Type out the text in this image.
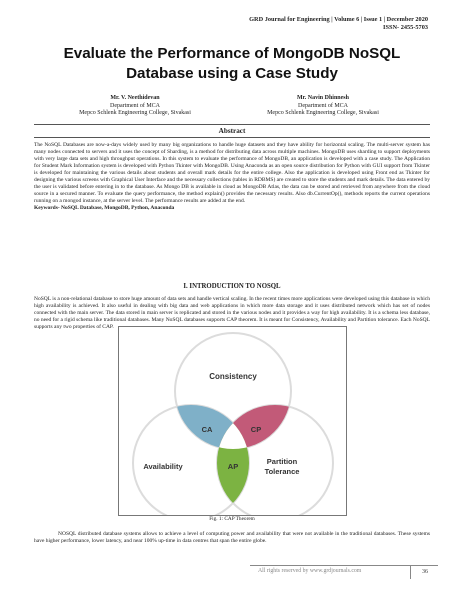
GRD Journal for Engineering | Volume 6 | Issue 1 | December 2020
ISSN- 2455-5703
Evaluate the Performance of MongoDB NoSQL
Database using a Case Study
Mr. V. Neethidevan
Department of MCA
Mepco Schlenk Engineering College, Sivakasi
Mr. Navin Dhinnesh
Department of MCA
Mepco Schlenk Engineering College, Sivakasi
Abstract
The NoSQL Databases are now-a-days widely used by many big organizations to handle huge datasets and they have ability for horizontal scaling. The multi-server system has many nodes connected to servers and it uses the concept of Sharding, is a method for distributing data across multiple machines. MongoDB uses sharding to support deployments with very large data sets and high throughput operations. In this system to evaluate the performance of MongoDB, an application is developed with a case study. The Application for Student Mark Information system is developed with Python Tkinter with MongoDB. Using Anaconda as an open source distribution for Python with GUI support from Tkinter is developed for maintaining the various details about students and overall mark details for the entire college. Also the application is developed using Front end as Tkinter for designing the various screens with Graphical User Interface and the necessary collections (tables in RDBMS) are created to store the students and mark details. The data entered by the user is validated before entering in to the database. As Mongo DB is available in cloud as MongoDB Atlas, the data can be stored and retrieved from anywhere from the cloud source in a secured manner. To evaluate the query performance, the method explain() provides the necessary results. Also db.CurrentOp(), methods reports the current operations running on a mongod instance, at the server level. The performance results are added at the end.
Keywords- NoSQL Database, MongoDB, Python, Anaconda
I. INTRODUCTION TO NOSQL
NoSQL is a non-relational database to store huge amount of data sets and handle vertical scaling. In the recent times more applications were developed using this database in which high availability is achieved. It also useful in dealing with big data and web applications in which more data storage and it uses distributed network which has set of nodes connected with the main server. The data stored in main server is replicated and stored in the various nodes and it provides a way for high availability. It is a schema less database, no need for a rigid schema like traditional databases. Many NoSQL databases supports CAP theorem. It is meant for Consistency, Availability and Partition tolerance. Each NoSQL supports any two properties of CAP.
Consistency
Availability
Partition
Tolerance
CA	CP
AP
Fig. 1: CAP Theorem
NOSQL distributed database systems allows to achieve a level of computing power and availability that were not available in the traditional databases. These systems have higher performance, lower latency, and near 100% up-time in data centres that span the entire globe.
All rights reserved by www.grdjournals.com	36
